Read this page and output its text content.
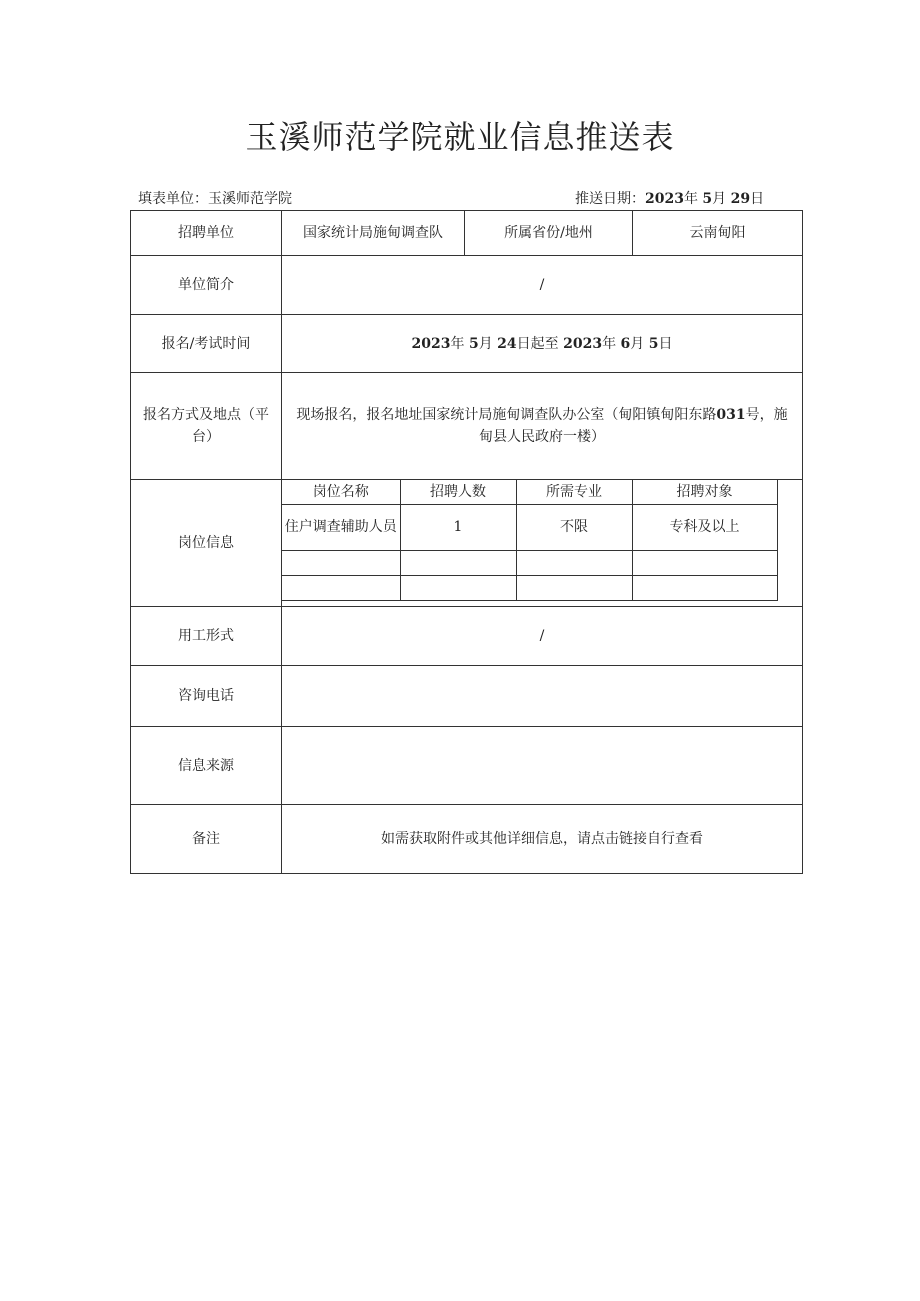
玉溪师范学院就业信息推送表
填表单位：玉溪师范学院	推送日期：2023年 5月 29日
招聘单位	国家统计局施甸调查队	所属省份/地州	云南甸阳
单位简介	/
报名/考试时间	2023年 5月 24日起至 2023年 6月 5日
报名方式及地点（平台）	现场报名，报名地址国家统计局施甸调查队办公室（甸阳镇甸阳东路031号，施甸县人民政府一楼）
岗位信息	
岗位名称	招聘人数	所需专业	招聘对象
住户调查辅助人员	1	不限	专科及以上

用工形式	/
咨询电话	
信息来源	
备注	如需获取附件或其他详细信息，请点击链接自行查看
